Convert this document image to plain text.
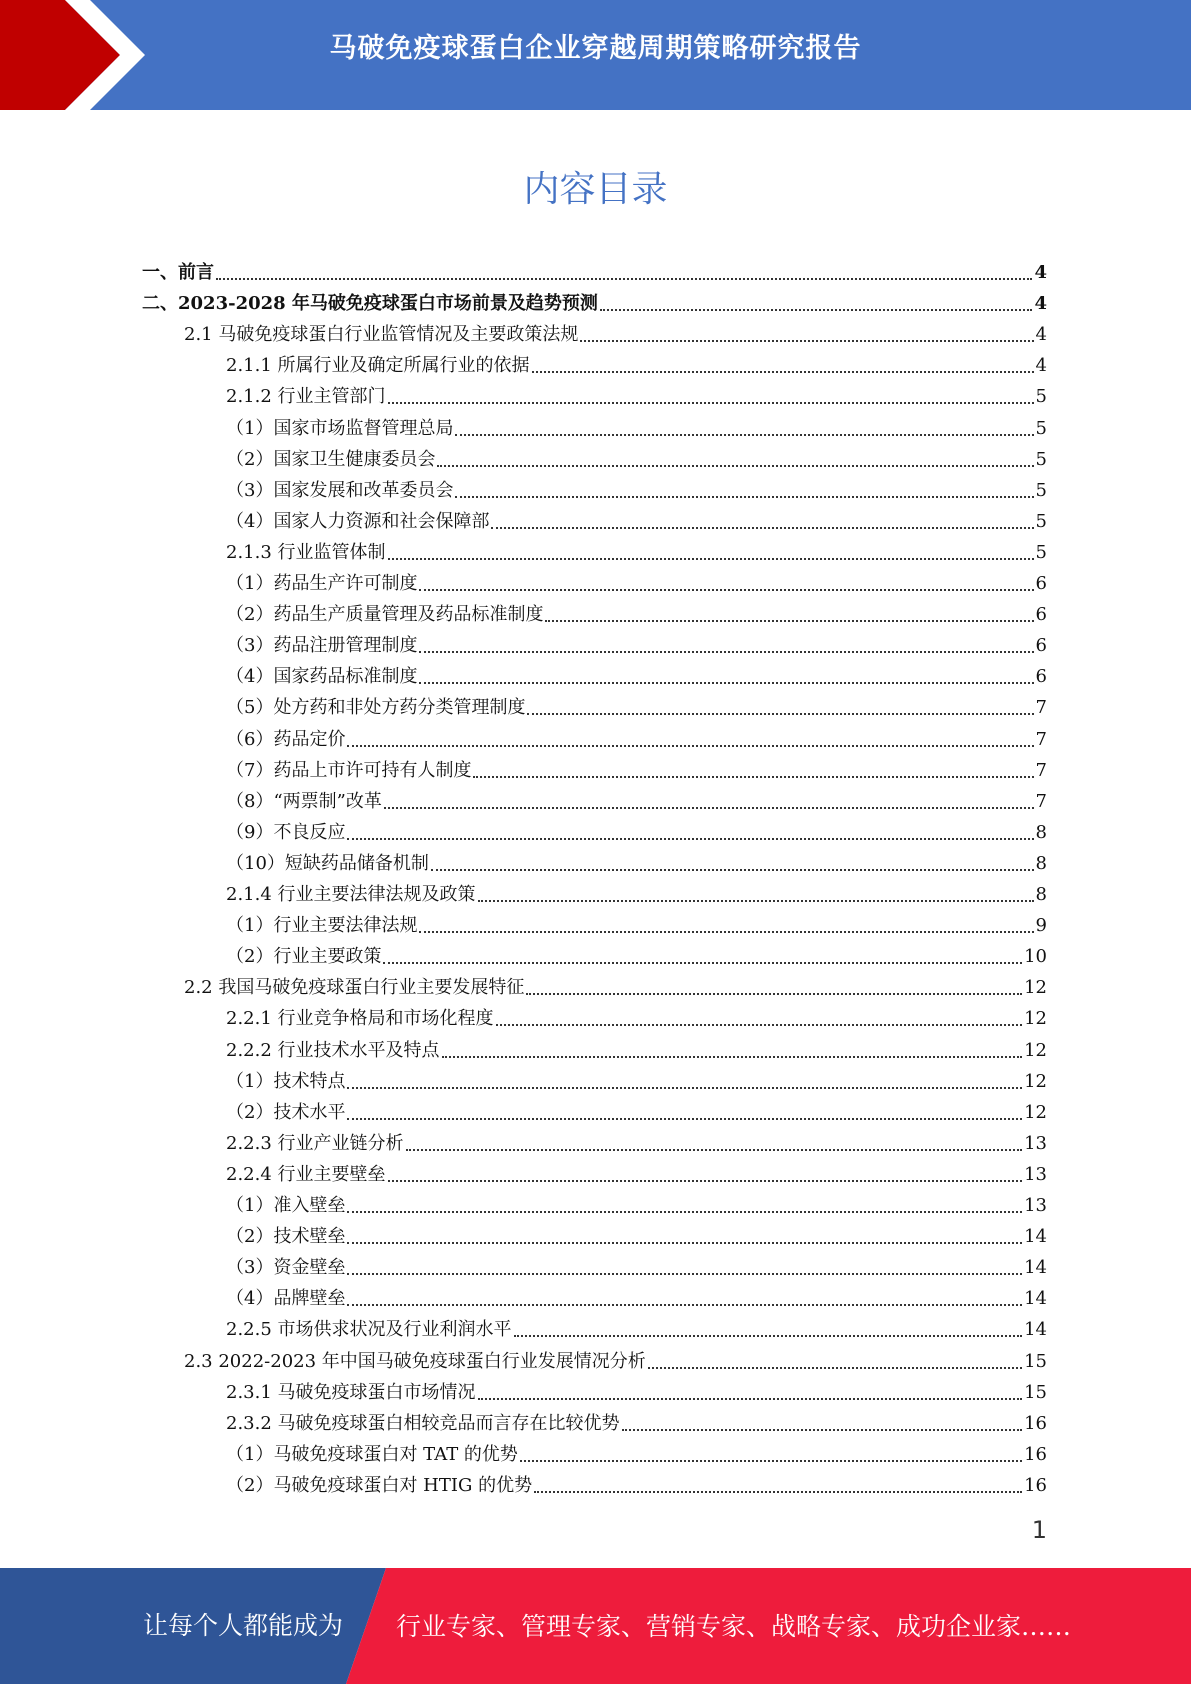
马破免疫球蛋白企业穿越周期策略研究报告
内容目录
一、前言	4
二、2023-2028 年马破免疫球蛋白市场前景及趋势预测	4
2.1 马破免疫球蛋白行业监管情况及主要政策法规	4
2.1.1 所属行业及确定所属行业的依据	4
2.1.2 行业主管部门	5
（1）国家市场监督管理总局	5
（2）国家卫生健康委员会	5
（3）国家发展和改革委员会	5
（4）国家人力资源和社会保障部	5
2.1.3 行业监管体制	5
（1）药品生产许可制度	6
（2）药品生产质量管理及药品标准制度	6
（3）药品注册管理制度	6
（4）国家药品标准制度	6
（5）处方药和非处方药分类管理制度	7
（6）药品定价	7
（7）药品上市许可持有人制度	7
（8）“两票制”改革	7
（9）不良反应	8
（10）短缺药品储备机制	8
2.1.4 行业主要法律法规及政策	8
（1）行业主要法律法规	9
（2）行业主要政策	10
2.2 我国马破免疫球蛋白行业主要发展特征	12
2.2.1 行业竞争格局和市场化程度	12
2.2.2 行业技术水平及特点	12
（1）技术特点	12
（2）技术水平	12
2.2.3 行业产业链分析	13
2.2.4 行业主要壁垒	13
（1）准入壁垒	13
（2）技术壁垒	14
（3）资金壁垒	14
（4）品牌壁垒	14
2.2.5 市场供求状况及行业利润水平	14
2.3 2022-2023 年中国马破免疫球蛋白行业发展情况分析	15
2.3.1 马破免疫球蛋白市场情况	15
2.3.2 马破免疫球蛋白相较竞品而言存在比较优势	16
（1）马破免疫球蛋白对 TAT 的优势	16
（2）马破免疫球蛋白对 HTIG 的优势	16
1
让每个人都能成为 行业专家、管理专家、营销专家、战略专家、成功企业家……
